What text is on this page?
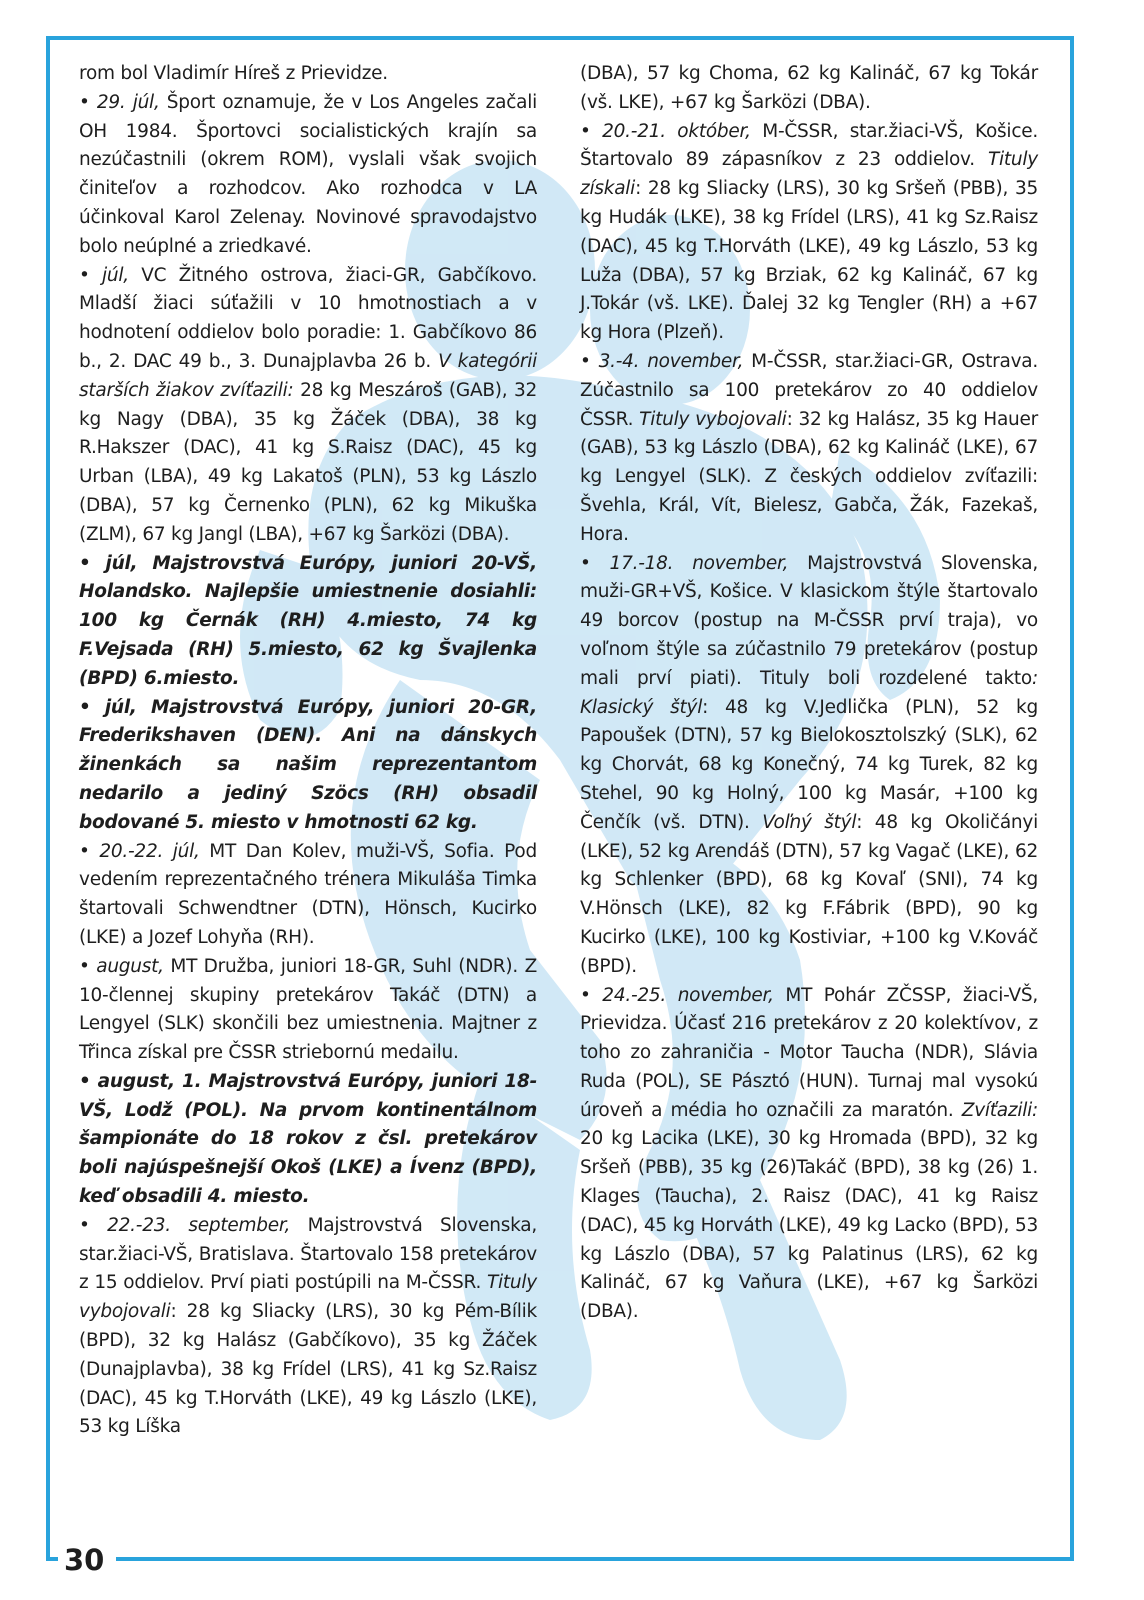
rom bol Vladimír Híreš z Prievidze.

• 29. júl, Šport oznamuje, že v Los Angeles začali OH 1984. Športovci socialistických krajín sa nezúčastnili (okrem ROM), vyslali však svojich činiteľov a rozhodcov. Ako rozhodca v LA účinkoval Karol Zelenay. Novinové spravodajstvo bolo neúplné a zriedkavé.

• júl, VC Žitného ostrova, žiaci-GR, Gabčíkovo. Mladší žiaci súťažili v 10 hmotnostiach a v hodnotení oddielov bolo poradie: 1. Gabčíkovo 86 b., 2. DAC 49 b., 3. Dunajplavba 26 b. V kategórii starších žiakov zvíťazili: 28 kg Meszároš (GAB), 32 kg Nagy (DBA), 35 kg Žáček (DBA), 38 kg R.Hakszer (DAC), 41 kg S.Raisz (DAC), 45 kg Urban (LBA), 49 kg Lakatoš (PLN), 53 kg Lászlo (DBA), 57 kg Černenko (PLN), 62 kg Mikuška (ZLM), 67 kg Jangl (LBA), +67 kg Šarközi (DBA).

• júl, Majstrovstvá Európy, juniori 20-VŠ, Holandsko. Najlepšie umiestnenie dosiahli: 100 kg Černák (RH) 4.miesto, 74 kg F.Vejsada (RH) 5.miesto, 62 kg Švajlenka (BPD) 6.miesto.

• júl, Majstrovstvá Európy, juniori 20-GR, Frederikshaven (DEN). Ani na dánskych žinenkách sa našim reprezentantom nedarilo a jediný Szöcs (RH) obsadil bodované 5. miesto v hmotnosti 62 kg.

• 20.-22. júl, MT Dan Kolev, muži-VŠ, Sofia. Pod vedením reprezentačného trénera Mikuláša Timka štartovali Schwendtner (DTN), Hönsch, Kucirko (LKE) a Jozef Lohyňa (RH).

• august, MT Družba, juniori 18-GR, Suhl (NDR). Z 10-člennej skupiny pretekárov Takáč (DTN) a Lengyel (SLK) skončili bez umiestnenia. Majtner z Třinca získal pre ČSSR striebornú medailu.

• august, 1. Majstrovstvá Európy, juniori 18-VŠ, Lodž (POL). Na prvom kontinentálnom šampionáte do 18 rokov z čsl. pretekárov boli najúspešnejší Okoš (LKE) a Ívenz (BPD), keď obsadili 4. miesto.

• 22.-23. september, Majstrovstvá Slovenska, star.žiaci-VŠ, Bratislava. Štartovalo 158 pretekárov z 15 oddielov. Prví piati postúpili na M-ČSSR. Tituly vybojovali: 28 kg Sliacky (LRS), 30 kg Pém-Bílik (BPD), 32 kg Halász (Gabčíkovo), 35 kg Žáček (Dunajplavba), 38 kg Frídel (LRS), 41 kg Sz.Raisz (DAC), 45 kg T.Horváth (LKE), 49 kg Lászlo (LKE), 53 kg Líška

(DBA), 57 kg Choma, 62 kg Kalináč, 67 kg Tokár (vš. LKE), +67 kg Šarközi (DBA).

• 20.-21. október, M-ČSSR, star.žiaci-VŠ, Košice. Štartovalo 89 zápasníkov z 23 oddielov. Tituly získali: 28 kg Sliacky (LRS), 30 kg Sršeň (PBB), 35 kg Hudák (LKE), 38 kg Frídel (LRS), 41 kg Sz.Raisz (DAC), 45 kg T.Horváth (LKE), 49 kg Lászlo, 53 kg Luža (DBA), 57 kg Brziak, 62 kg Kalináč, 67 kg J.Tokár (vš. LKE). Ďalej 32 kg Tengler (RH) a +67 kg Hora (Plzeň).

• 3.-4. november, M-ČSSR, star.žiaci-GR, Ostrava. Zúčastnilo sa 100 pretekárov zo 40 oddielov ČSSR. Tituly vybojovali: 32 kg Halász, 35 kg Hauer (GAB), 53 kg Lászlo (DBA), 62 kg Kalináč (LKE), 67 kg Lengyel (SLK). Z českých oddielov zvíťazili: Švehla, Král, Vít, Bielesz, Gabča, Žák, Fazekaš, Hora.

• 17.-18. november, Majstrovstvá Slovenska, muži-GR+VŠ, Košice. V klasickom štýle štartovalo 49 borcov (postup na M-ČSSR prví traja), vo voľnom štýle sa zúčastnilo 79 pretekárov (postup mali prví piati). Tituly boli rozdelené takto: Klasický štýl: 48 kg V.Jedlička (PLN), 52 kg Papoušek (DTN), 57 kg Bielokosztolszký (SLK), 62 kg Chorvát, 68 kg Konečný, 74 kg Turek, 82 kg Stehel, 90 kg Holný, 100 kg Masár, +100 kg Čenčík (vš. DTN). Voľný štýl: 48 kg Okoličányi (LKE), 52 kg Arendáš (DTN), 57 kg Vagač (LKE), 62 kg Schlenker (BPD), 68 kg Kovaľ (SNI), 74 kg V.Hönsch (LKE), 82 kg F.Fábrik (BPD), 90 kg Kucirko (LKE), 100 kg Kostiviar, +100 kg V.Kováč (BPD).

• 24.-25. november, MT Pohár ZČSSP, žiaci-VŠ, Prievidza. Účasť 216 pretekárov z 20 kolektívov, z toho zo zahraničia - Motor Taucha (NDR), Slávia Ruda (POL), SE Pásztó (HUN). Turnaj mal vysokú úroveň a média ho označili za maratón. Zvíťazili: 20 kg Lacika (LKE), 30 kg Hromada (BPD), 32 kg Sršeň (PBB), 35 kg (26)Takáč (BPD), 38 kg (26) 1. Klages (Taucha), 2. Raisz (DAC), 41 kg Raisz (DAC), 45 kg Horváth (LKE), 49 kg Lacko (BPD), 53 kg Lászlo (DBA), 57 kg Palatinus (LRS), 62 kg Kalináč, 67 kg Vaňura (LKE), +67 kg Šarközi (DBA).

30
